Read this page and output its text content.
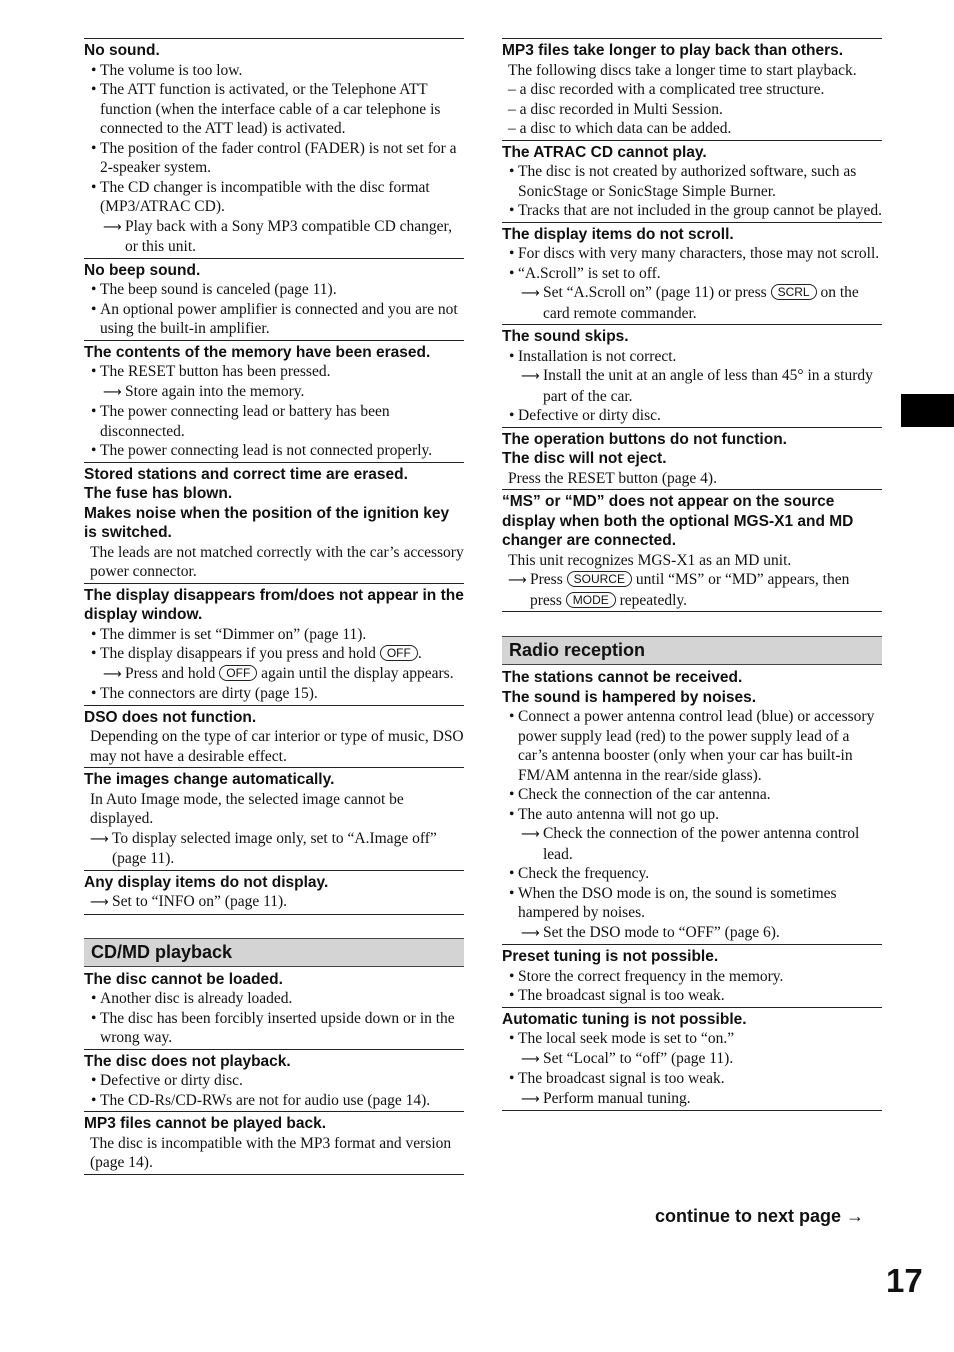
No sound.
• The volume is too low.
• The ATT function is activated, or the Telephone ATT function (when the interface cable of a car telephone is connected to the ATT lead) is activated.
• The position of the fader control (FADER) is not set for a 2-speaker system.
• The CD changer is incompatible with the disc format (MP3/ATRAC CD).
⟶ Play back with a Sony MP3 compatible CD changer, or this unit.
No beep sound.
• The beep sound is canceled (page 11).
• An optional power amplifier is connected and you are not using the built-in amplifier.
The contents of the memory have been erased.
• The RESET button has been pressed.
⟶ Store again into the memory.
• The power connecting lead or battery has been disconnected.
• The power connecting lead is not connected properly.
Stored stations and correct time are erased.
The fuse has blown.
Makes noise when the position of the ignition key is switched.
The leads are not matched correctly with the car’s accessory power connector.
The display disappears from/does not appear in the display window.
• The dimmer is set “Dimmer on” (page 11).
• The display disappears if you press and hold OFF .
⟶ Press and hold OFF again until the display appears.
• The connectors are dirty (page 15).
DSO does not function.
Depending on the type of car interior or type of music, DSO may not have a desirable effect.
The images change automatically.
In Auto Image mode, the selected image cannot be displayed.
⟶ To display selected image only, set to “A.Image off” (page 11).
Any display items do not display.
⟶ Set to “INFO on” (page 11).
CD/MD playback
The disc cannot be loaded.
• Another disc is already loaded.
• The disc has been forcibly inserted upside down or in the wrong way.
The disc does not playback.
• Defective or dirty disc.
• The CD-Rs/CD-RWs are not for audio use (page 14).
MP3 files cannot be played back.
The disc is incompatible with the MP3 format and version (page 14).
MP3 files take longer to play back than others.
The following discs take a longer time to start playback.
– a disc recorded with a complicated tree structure.
– a disc recorded in Multi Session.
– a disc to which data can be added.
The ATRAC CD cannot play.
• The disc is not created by authorized software, such as SonicStage or SonicStage Simple Burner.
• Tracks that are not included in the group cannot be played.
The display items do not scroll.
• For discs with very many characters, those may not scroll.
• “A.Scroll” is set to off.
⟶ Set “A.Scroll on” (page 11) or press SCRL on the card remote commander.
The sound skips.
• Installation is not correct.
⟶ Install the unit at an angle of less than 45° in a sturdy part of the car.
• Defective or dirty disc.
The operation buttons do not function.
The disc will not eject.
Press the RESET button (page 4).
“MS” or “MD” does not appear on the source display when both the optional MGS-X1 and MD changer are connected.
This unit recognizes MGS-X1 as an MD unit.
⟶ Press SOURCE until “MS” or “MD” appears, then press MODE repeatedly.
Radio reception
The stations cannot be received.
The sound is hampered by noises.
• Connect a power antenna control lead (blue) or accessory power supply lead (red) to the power supply lead of a car’s antenna booster (only when your car has built-in FM/AM antenna in the rear/side glass).
• Check the connection of the car antenna.
• The auto antenna will not go up.
⟶ Check the connection of the power antenna control lead.
• Check the frequency.
• When the DSO mode is on, the sound is sometimes hampered by noises.
⟶ Set the DSO mode to “OFF” (page 6).
Preset tuning is not possible.
• Store the correct frequency in the memory.
• The broadcast signal is too weak.
Automatic tuning is not possible.
• The local seek mode is set to “on.”
⟶ Set “Local” to “off” (page 11).
• The broadcast signal is too weak.
⟶ Perform manual tuning.
continue to next page →
17
